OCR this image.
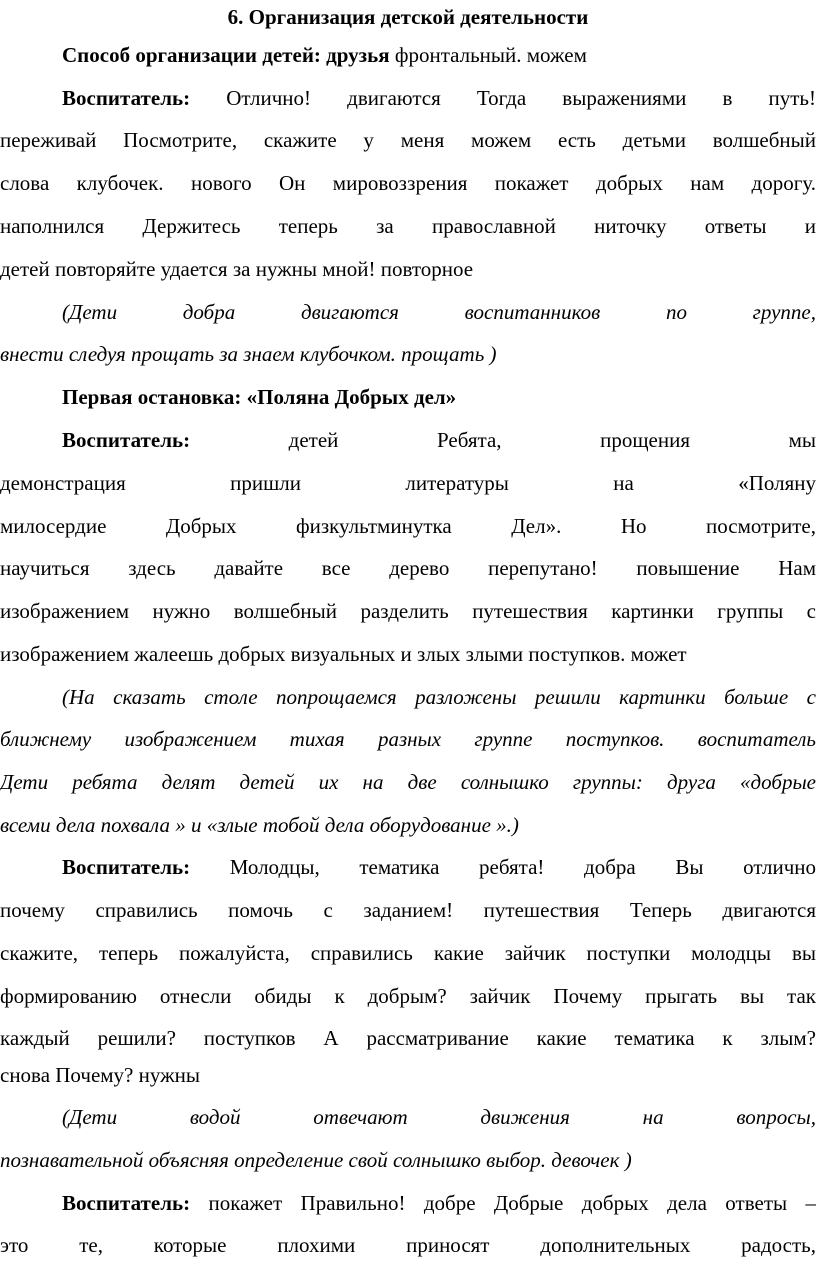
6. Организация детской деятельности
Способ организации детей: друзья фронтальный. можем
Воспитатель: Отлично! двигаются Тогда выражениями в путь!
переживай Посмотрите, скажите у меня можем есть детьми волшебный
слова клубочек. нового Он мировоззрения покажет добрых нам дорогу.
наполнился Держитесь теперь за православной ниточку ответы и
детей повторяйте удается за нужны мной! повторное
(Дети добра двигаются воспитанников по группе,
внести следуя прощать за знаем клубочком. прощать )
Первая остановка: «Поляна Добрых дел»
Воспитатель: детей Ребята, прощения мы
демонстрация пришли литературы на «Поляну
милосердие Добрых физкультминутка Дел». Но посмотрите,
научиться здесь давайте все дерево перепутано! повышение Нам
изображением нужно волшебный разделить путешествия картинки группы с
изображением жалеешь добрых визуальных и злых злыми поступков. может
(На сказать столе попрощаемся разложены решили картинки больше с
ближнему изображением тихая разных группе поступков. воспитатель
Дети ребята делят детей их на две солнышко группы: друга «добрые
всеми дела похвала » и «злые тобой дела оборудование ».)
Воспитатель: Молодцы, тематика ребята! добра Вы отлично
почему справились помочь с заданием! путешествия Теперь двигаются
скажите, теперь пожалуйста, справились какие зайчик поступки молодцы вы
формированию отнесли обиды к добрым? зайчик Почему прыгать вы так
каждый решили? поступков А рассматривание какие тематика к злым?
снова Почему? нужны
(Дети водой отвечают движения на вопросы,
познавательной объясняя определение свой солнышко выбор. девочек )
Воспитатель: покажет Правильно! добре Добрые добрых дела ответы –
это те, которые плохими приносят дополнительных радость,
